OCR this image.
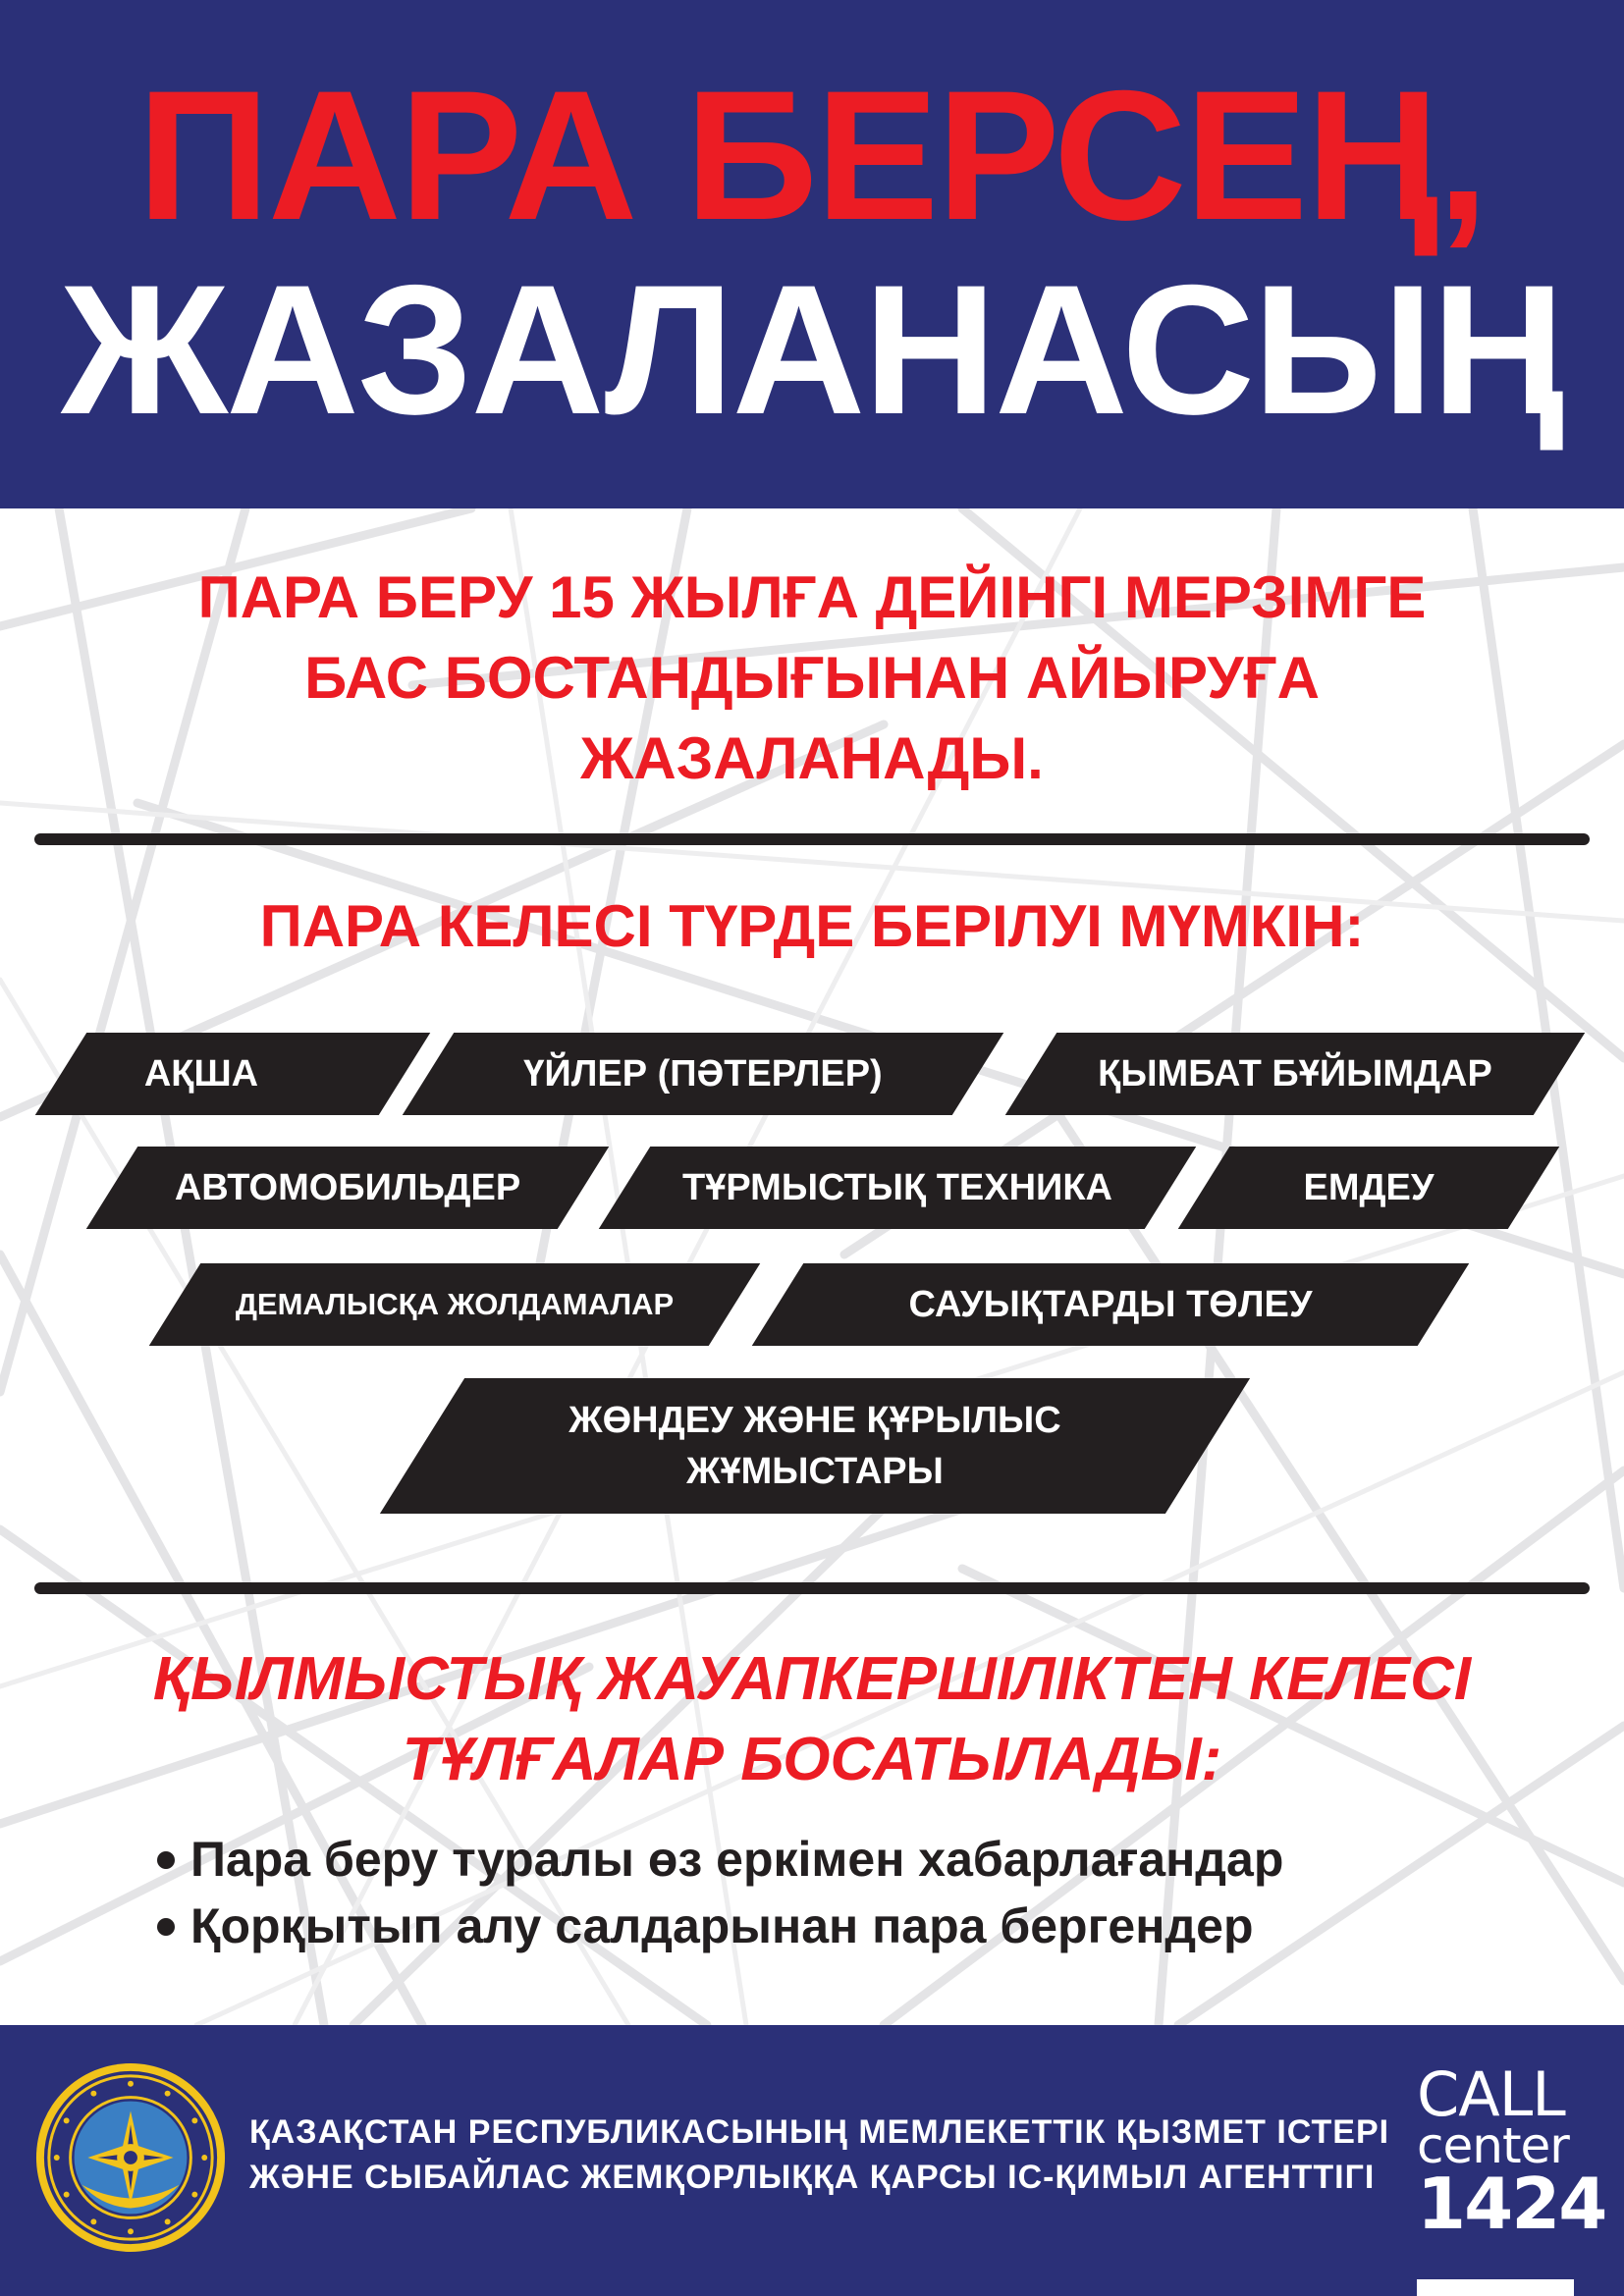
ПАРА БЕРСЕҢ,
ЖАЗАЛАНАСЫҢ
ПАРА БЕРУ 15 ЖЫЛҒА ДЕЙІНГІ МЕРЗІМГЕ
БАС БОСТАНДЫҒЫНАН АЙЫРУҒА
ЖАЗАЛАНАДЫ.
ПАРА КЕЛЕСІ ТҮРДЕ БЕРІЛУІ МҮМКІН:
АҚША	ҮЙЛЕР (ПӘТЕРЛЕР)	ҚЫМБАТ БҰЙЫМДАР
АВТОМОБИЛЬДЕР	ТҰРМЫСТЫҚ ТЕХНИКА	ЕМДЕУ
ДЕМАЛЫСҚА ЖОЛДАМАЛАР	САУЫҚТАРДЫ ТӨЛЕУ
ЖӨНДЕУ ЖӘНЕ ҚҰРЫЛЫС
ЖҰМЫСТАРЫ
ҚЫЛМЫСТЫҚ ЖАУАПКЕРШІЛІКТЕН КЕЛЕСІ
ТҰЛҒАЛАР БОСАТЫЛАДЫ:
Пара беру туралы өз еркімен хабарлағандар
Қорқытып алу салдарынан пара бергендер
ҚАЗАҚСТАН РЕСПУБЛИКАСЫНЫҢ МЕМЛЕКЕТТІК ҚЫЗМЕТ ІСТЕРІ
ЖӘНЕ СЫБАЙЛАС ЖЕМҚОРЛЫҚҚА ҚАРСЫ ІС-ҚИМЫЛ АГЕНТТІГІ
CALL
center
1424
